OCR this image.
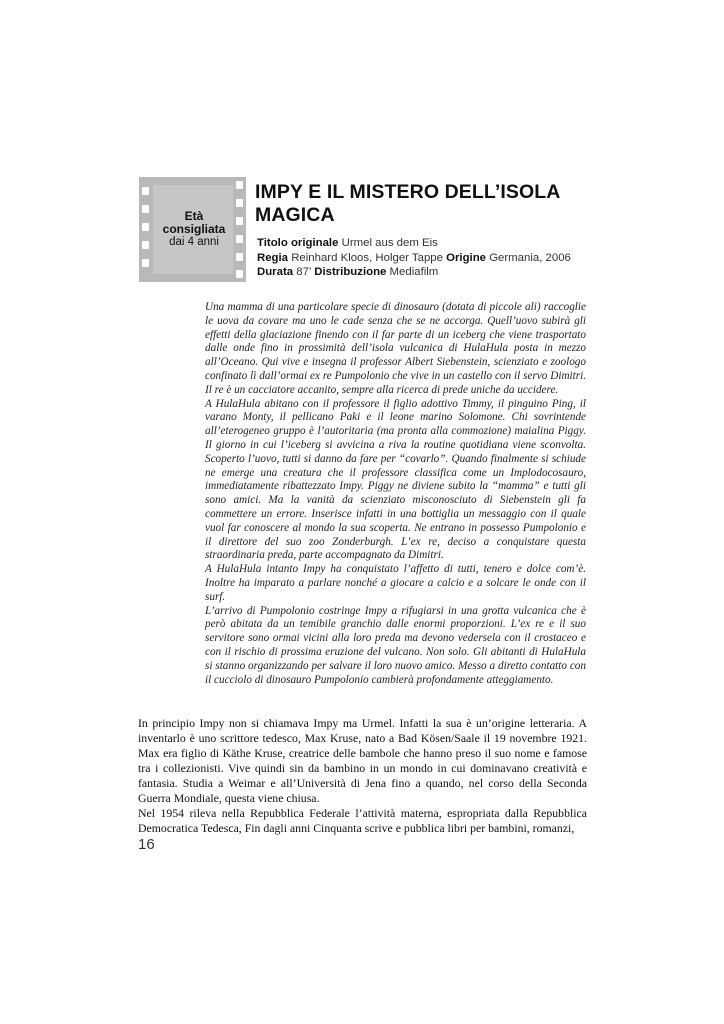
Età
consigliata
dai 4 anni
IMPY E IL MISTERO DELL’ISOLA MAGICA
Titolo originale Urmel aus dem Eis
Regia Reinhard Kloos, Holger Tappe Origine Germania, 2006
Durata 87’ Distribuzione Mediafilm

Una mamma di una particolare specie di dinosauro (dotata di piccole ali) raccoglie le uova da covare ma uno le cade senza che se ne accorga. Quell’uovo subirà gli effetti della glaciazione finendo con il far parte di un iceberg che viene trasportato dalle onde fino in prossimità dell’isola vulcanica di HulaHula posta in mezzo all’Oceano. Qui vive e insegna il professor Albert Siebenstein, scienziato e zoologo confinato lì dall’ormai ex re Pumpolonio che vive in un castello con il servo Dimitri. Il re è un cacciatore accanito, sempre alla ricerca di prede uniche da uccidere.

A HulaHula abitano con il professore il figlio adottivo Timmy, il pinguino Ping, il varano Monty, il pellicano Paki e il leone marino Solomone. Chi sovrintende all’eterogeneo gruppo è l’autoritaria (ma pronta alla commozione) maialina Piggy. Il giorno in cui l’iceberg si avvicina a riva la routine quotidiana viene sconvolta. Scoperto l’uovo, tutti si danno da fare per “covarlo”. Quando finalmente si schiude ne emerge una creatura che il professore classifica come un Implodocosauro, immediatamente ribattezzato Impy. Piggy ne diviene subito la “mamma” e tutti gli sono amici. Ma la vanità da scienziato misconosciuto di Siebenstein gli fa commettere un errore. Inserisce infatti in una bottiglia un messaggio con il quale vuol far conoscere al mondo la sua scoperta. Ne entrano in possesso Pumpolonio e il direttore del suo zoo Zonderburgh. L’ex re, deciso a conquistare questa straordinaria preda, parte accompagnato da Dimitri.

A HulaHula intanto Impy ha conquistato l’affetto di tutti, tenero e dolce com’è. Inoltre ha imparato a parlare nonché a giocare a calcio e a solcare le onde con il surf.

L’arrivo di Pumpolonio costringe Impy a rifugiarsi in una grotta vulcanica che è però abitata da un temibile granchio dalle enormi proporzioni. L’ex re e il suo servitore sono ormai vicini alla loro preda ma devono vedersela con il crostaceo e con il rischio di prossima eruzione del vulcano. Non solo. Gli abitanti di HulaHula si stanno organizzando per salvare il loro nuovo amico. Messo a diretto contatto con il cucciolo di dinosauro Pumpolonio cambierà profondamente atteggiamento.

In principio Impy non si chiamava Impy ma Urmel. Infatti la sua è un’origine letteraria. A inventarlo è uno scrittore tedesco, Max Kruse, nato a Bad Kösen/Saale il 19 novembre 1921. Max era figlio di Käthe Kruse, creatrice delle bambole che hanno preso il suo nome e famose tra i collezionisti. Vive quindi sin da bambino in un mondo in cui dominavano creatività e fantasia. Studia a Weimar e all’Università di Jena fino a quando, nel corso della Seconda Guerra Mondiale, questa viene chiusa.

Nel 1954 rileva nella Repubblica Federale l’attività materna, espropriata dalla Repubblica Democratica Tedesca, Fin dagli anni Cinquanta scrive e pubblica libri per bambini, romanzi,

16
